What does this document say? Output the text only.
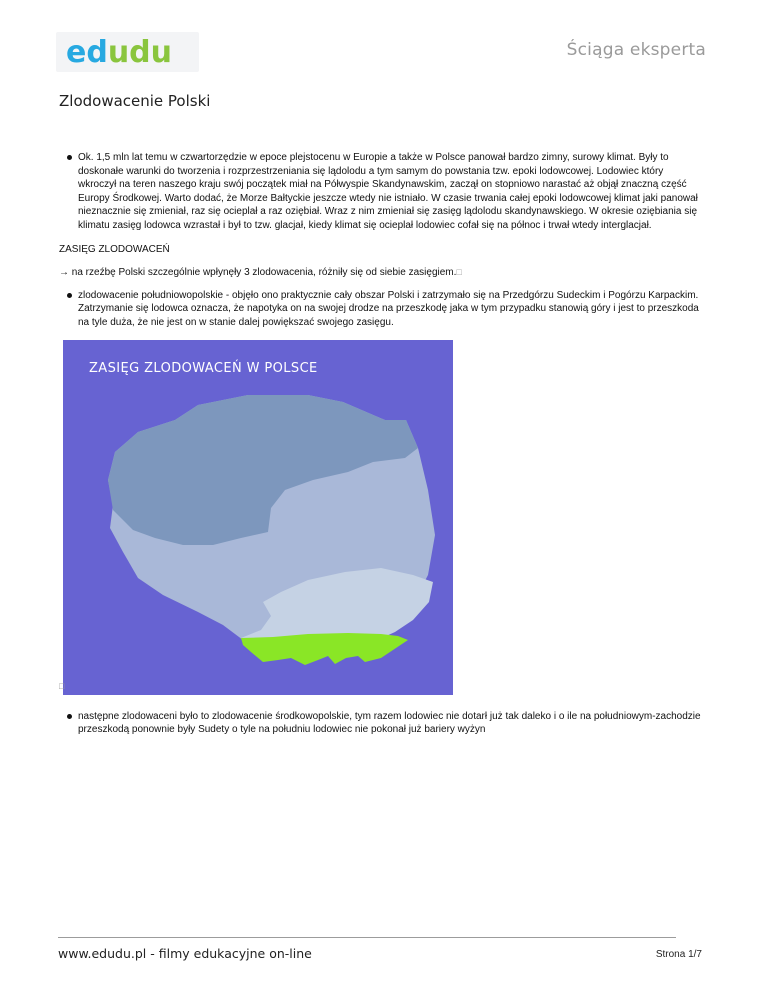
edudu	Ściąga eksperta
Zlodowacenie Polski
Ok. 1,5 mln lat temu w czwartorzędzie w epoce plejstocenu w Europie a także w Polsce panował bardzo zimny, surowy klimat. Były to doskonałe warunki do tworzenia i rozprzestrzeniania się lądolodu a tym samym do powstania tzw. epoki lodowcowej. Lodowiec który wkroczył na teren naszego kraju swój początek miał na Półwyspie Skandynawskim, zaczął on stopniowo narastać aż objął znaczną część Europy Środkowej. Warto dodać, że Morze Bałtyckie jeszcze wtedy nie istniało. W czasie trwania całej epoki lodowcowej klimat jaki panował nieznacznie się zmieniał, raz się ocieplał a raz oziębiał. Wraz z nim zmieniał się zasięg lądolodu skandynawskiego. W okresie oziębiania się klimatu zasięg lodowca wzrastał i był to tzw. glacjał, kiedy klimat się ocieplał lodowiec cofał się na północ i trwał wtedy interglacjał.

ZASIĘG ZLODOWACEŃ

→ na rzeźbę Polski szczególnie wpłynęły 3 zlodowacenia, różniły się od siebie zasięgiem.□

zlodowacenie południowopolskie - objęło ono praktycznie cały obszar Polski i zatrzymało się na Przedgórzu Sudeckim i Pogórzu Karpackim. Zatrzymanie się lodowca oznacza, że napotyka on na swojej drodze na przeszkodę jaka w tym przypadku stanowią góry i jest to przeszkoda na tyle duża, że nie jest on w stanie dalej powiększać swojego zasięgu.
ZASIĘG ZLODOWACEŃ W POLSCE
□
następne zlodowaceni było to zlodowacenie środkowopolskie, tym razem lodowiec nie dotarł już tak daleko i o ile na południowym-zachodzie przeszkodą ponownie były Sudety o tyle na południu lodowiec nie pokonał już bariery wyżyn
www.edudu.pl - filmy edukacyjne on-line	Strona 1/7
